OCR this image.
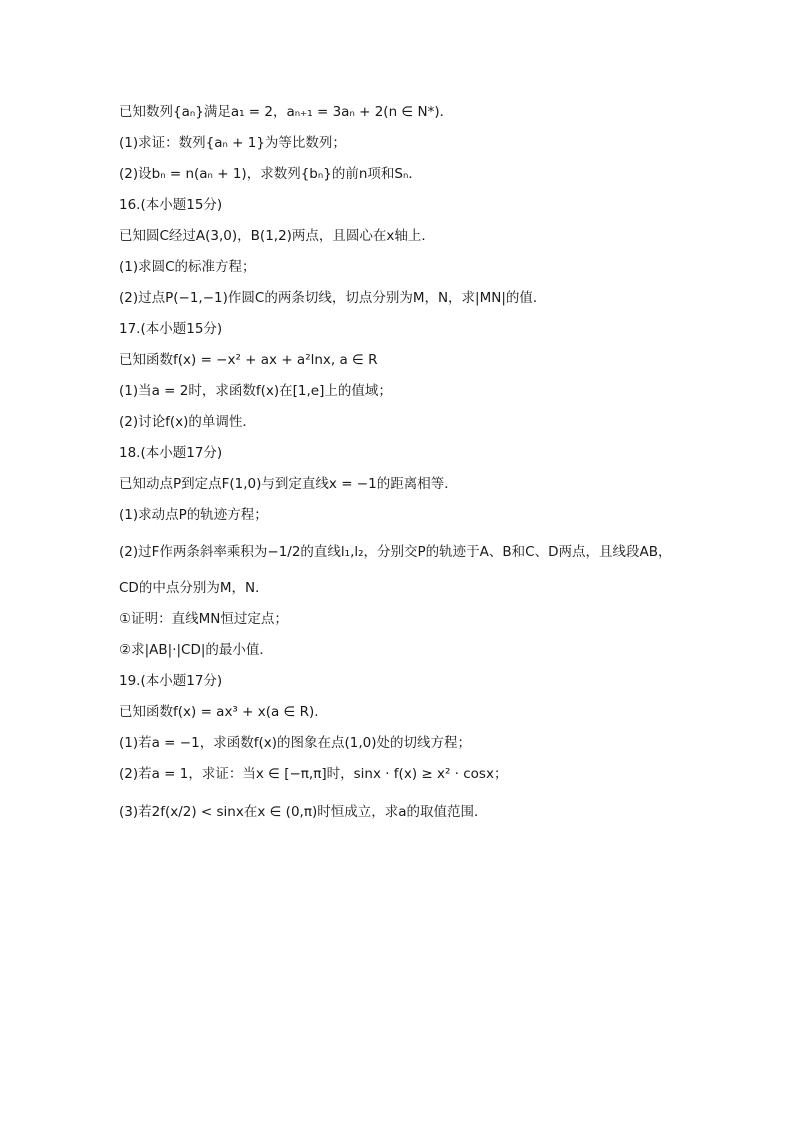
已知数列{aₙ}满足a₁ = 2，aₙ₊₁ = 3aₙ + 2(n ∈ N*)．
(1)求证：数列{aₙ + 1}为等比数列；
(2)设bₙ = n(aₙ + 1)，求数列{bₙ}的前n项和Sₙ．
16.(本小题15分)
已知圆C经过A(3,0)，B(1,2)两点，且圆心在x轴上．
(1)求圆C的标准方程；
(2)过点P(−1,−1)作圆C的两条切线，切点分别为M，N，求|MN|的值．
17.(本小题15分)
已知函数f(x) = −x² + ax + a²lnx, a ∈ R
(1)当a = 2时，求函数f(x)在[1,e]上的值域；
(2)讨论f(x)的单调性．
18.(本小题17分)
已知动点P到定点F(1,0)与到定直线x = −1的距离相等．
(1)求动点P的轨迹方程；
(2)过F作两条斜率乘积为−1/2的直线l₁,l₂，分别交P的轨迹于A、B和C、D两点，且线段AB，
CD的中点分别为M，N．
①证明：直线MN恒过定点；
②求|AB|·|CD|的最小值．
19.(本小题17分)
已知函数f(x) = ax³ + x(a ∈ R).
(1)若a = −1，求函数f(x)的图象在点(1,0)处的切线方程；
(2)若a = 1，求证：当x ∈ [−π,π]时，sinx · f(x) ≥ x² · cosx；
(3)若2f(x/2) < sinx在x ∈ (0,π)时恒成立，求a的取值范围．
